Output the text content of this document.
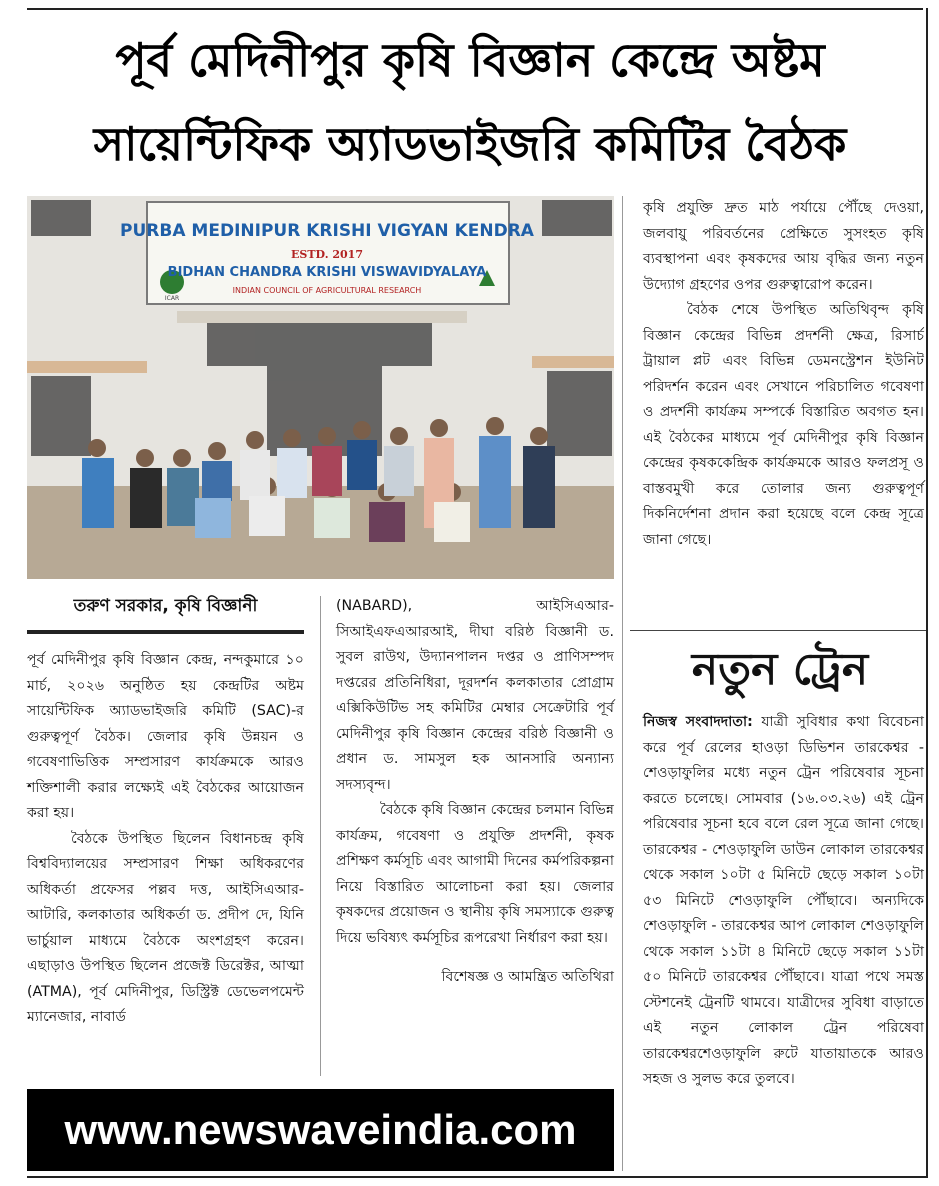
পূর্ব মেদিনীপুর কৃষি বিজ্ঞান কেন্দ্রে অষ্টম
সায়েন্টিফিক অ্যাডভাইজরি কমিটির বৈঠক
PURBA MEDINIPUR KRISHI VIGYAN KENDRA
ESTD. 2017
BIDHAN CHANDRA KRISHI VISWAVIDYALAYA
INDIAN COUNCIL OF AGRICULTURAL RESEARCH
ICAR
তরুণ সরকার, কৃষি বিজ্ঞানী

পূর্ব মেদিনীপুর কৃষি বিজ্ঞান কেন্দ্র, নন্দকুমারে ১০ মার্চ, ২০২৬ অনুষ্ঠিত হয় কেন্দ্রটির অষ্টম সায়েন্টিফিক অ্যাডভাইজরি কমিটি (SAC)-র গুরুত্বপূর্ণ বৈঠক। জেলার কৃষি উন্নয়ন ও গবেষণাভিত্তিক সম্প্রসারণ কার্যক্রমকে আরও শক্তিশালী করার লক্ষ্যেই এই বৈঠকের আয়োজন করা হয়।

বৈঠকে উপস্থিত ছিলেন বিধানচন্দ্র কৃষি বিশ্ববিদ্যালয়ের সম্প্রসারণ শিক্ষা অধিকরণের অধিকর্তা প্রফেসর পল্লব দত্ত, আইসিএআর-আটারি, কলকাতার অধিকর্তা ড. প্রদীপ দে, যিনি ভার্চুয়াল মাধ্যমে বৈঠকে অংশগ্রহণ করেন। এছাড়াও উপস্থিত ছিলেন প্রজেক্ট ডিরেক্টর, আত্মা (ATMA), পূর্ব মেদিনীপুর, ডিস্ট্রিক্ট ডেভেলপমেন্ট ম্যানেজার, নাবার্ড

(NABARD), আইসিএআর-সিআইএফএআরআই, দীঘা বরিষ্ঠ বিজ্ঞানী ড. সুবল রাউথ, উদ্যানপালন দপ্তর ও প্রাণিসম্পদ দপ্তরের প্রতিনিধিরা, দূরদর্শন কলকাতার প্রোগ্রাম এক্সিকিউটিভ সহ কমিটির মেম্বার সেক্রেটারি পূর্ব মেদিনীপুর কৃষি বিজ্ঞান কেন্দ্রের বরিষ্ঠ বিজ্ঞানী ও প্রধান ড. সামসুল হক আনসারি অন্যান্য সদস্যবৃন্দ।

বৈঠকে কৃষি বিজ্ঞান কেন্দ্রের চলমান বিভিন্ন কার্যক্রম, গবেষণা ও প্রযুক্তি প্রদর্শনী, কৃষক প্রশিক্ষণ কর্মসূচি এবং আগামী দিনের কর্মপরিকল্পনা নিয়ে বিস্তারিত আলোচনা করা হয়। জেলার কৃষকদের প্রয়োজন ও স্থানীয় কৃষি সমস্যাকে গুরুত্ব দিয়ে ভবিষ্যৎ কর্মসূচির রূপরেখা নির্ধারণ করা হয়।

বিশেষজ্ঞ ও আমন্ত্রিত অতিথিরা

কৃষি প্রযুক্তি দ্রুত মাঠ পর্যায়ে পৌঁছে দেওয়া, জলবায়ু পরিবর্তনের প্রেক্ষিতে সুসংহত কৃষি ব্যবস্থাপনা এবং কৃষকদের আয় বৃদ্ধির জন্য নতুন উদ্যোগ গ্রহণের ওপর গুরুত্বারোপ করেন।

বৈঠক শেষে উপস্থিত অতিথিবৃন্দ কৃষি বিজ্ঞান কেন্দ্রের বিভিন্ন প্রদর্শনী ক্ষেত্র, রিসার্চ ট্রায়াল প্লট এবং বিভিন্ন ডেমনস্ট্রেশন ইউনিট পরিদর্শন করেন এবং সেখানে পরিচালিত গবেষণা ও প্রদর্শনী কার্যক্রম সম্পর্কে বিস্তারিত অবগত হন। এই বৈঠকের মাধ্যমে পূর্ব মেদিনীপুর কৃষি বিজ্ঞান কেন্দ্রের কৃষককেন্দ্রিক কার্যক্রমকে আরও ফলপ্রসূ ও বাস্তবমুখী করে তোলার জন্য গুরুত্বপূর্ণ দিকনির্দেশনা প্রদান করা হয়েছে বলে কেন্দ্র সূত্রে জানা গেছে।

নতুন ট্রেন

নিজস্ব সংবাদদাতা: যাত্রী সুবিধার কথা বিবেচনা করে পূর্ব রেলের হাওড়া ডিভিশন তারকেশ্বর - শেওড়াফুলির মধ্যে নতুন ট্রেন পরিষেবার সূচনা করতে চলেছে। সোমবার (১৬.০৩.২৬) এই ট্রেন পরিষেবার সূচনা হবে বলে রেল সূত্রে জানা গেছে। তারকেশ্বর - শেওড়াফুলি ডাউন লোকাল তারকেশ্বর থেকে সকাল ১০টা ৫ মিনিটে ছেড়ে সকাল ১০টা ৫৩ মিনিটে শেওড়াফুলি পৌঁছাবে। অন্যদিকে শেওড়াফুলি - তারকেশ্বর আপ লোকাল শেওড়াফুলি থেকে সকাল ১১টা ৪ মিনিটে ছেড়ে সকাল ১১টা ৫০ মিনিটে তারকেশ্বর পৌঁছাবে। যাত্রা পথে সমস্ত স্টেশনেই ট্রেনটি থামবে। যাত্রীদের সুবিধা বাড়াতে এই নতুন লোকাল ট্রেন পরিষেবা তারকেশ্বরশেওড়াফুলি রুটে যাতায়াতকে আরও সহজ ও সুলভ করে তুলবে।

www.newswaveindia.com
